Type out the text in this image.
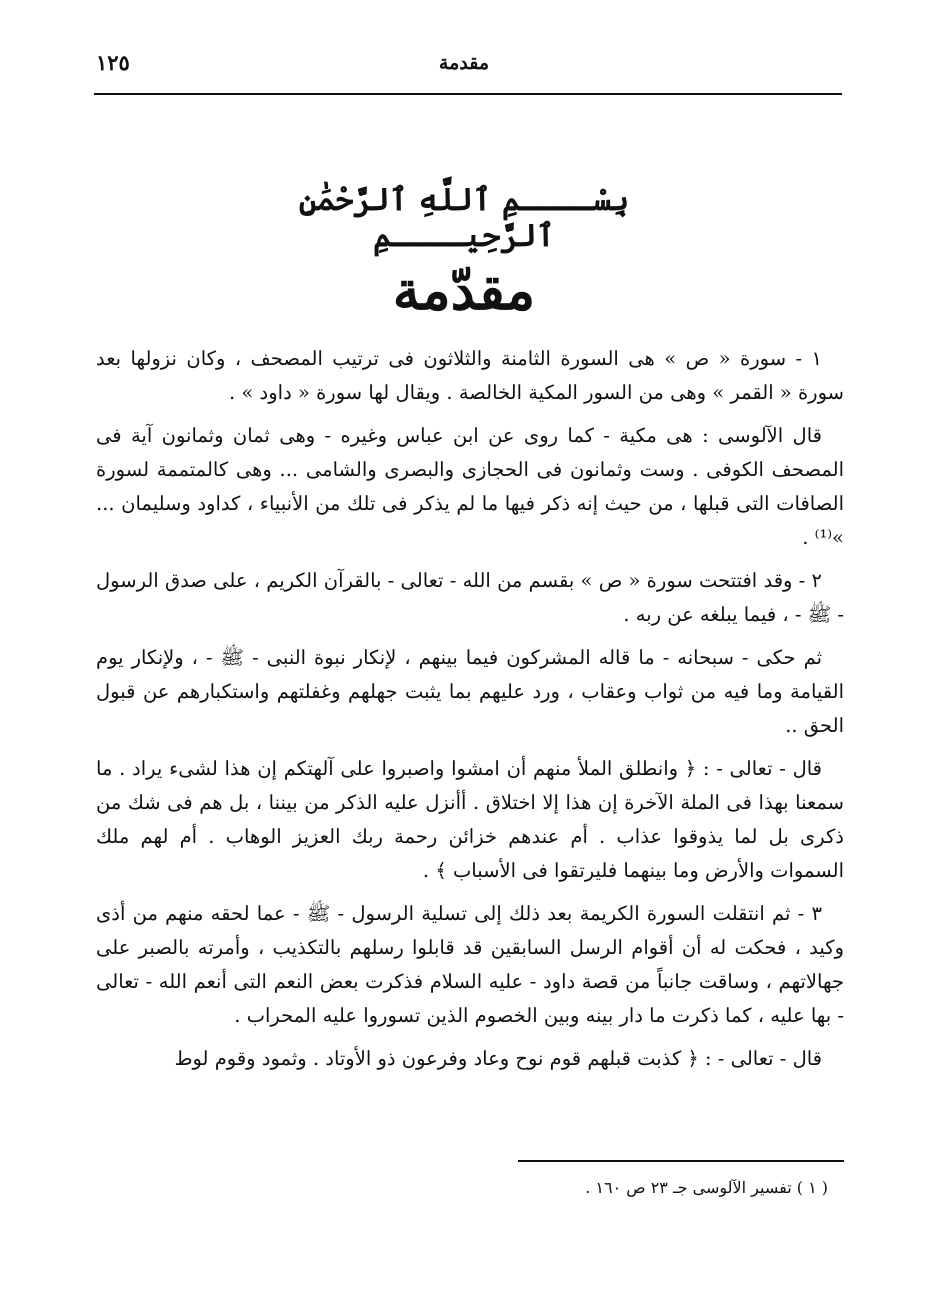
١٢٥	مقدمة
بِسْــــمِ ٱللَّهِ ٱلرَّحْمَٰنِ ٱلرَّحِيــــمِ
مقدّمة

١ - سورة « ص » هى السورة الثامنة والثلاثون فى ترتيب المصحف ، وكان نزولها بعد سورة « القمر » وهى من السور المكية الخالصة . ويقال لها سورة « داود » .

قال الآلوسى : هى مكية - كما روى عن ابن عباس وغيره - وهى ثمان وثمانون آية فى المصحف الكوفى . وست وثمانون فى الحجازى والبصرى والشامى ... وهى كالمتممة لسورة الصافات التى قبلها ، من حيث إنه ذكر فيها ما لم يذكر فى تلك من الأنبياء ، كداود وسليمان ... »⁽¹⁾ .

٢ - وقد افتتحت سورة « ص » بقسم من الله - تعالى - بالقرآن الكريم ، على صدق الرسول - ﷺ - ، فيما يبلغه عن ربه .

ثم حكى - سبحانه - ما قاله المشركون فيما بينهم ، لإنكار نبوة النبى - ﷺ - ، ولإنكار يوم القيامة وما فيه من ثواب وعقاب ، ورد عليهم بما يثبت جهلهم وغفلتهم واستكبارهم عن قبول الحق ..

قال - تعالى - : ﴿ وانطلق الملأ منهم أن امشوا واصبروا على آلهتكم إن هذا لشىء يراد . ما سمعنا بهذا فى الملة الآخرة إن هذا إلا اختلاق . أأنزل عليه الذكر من بيننا ، بل هم فى شك من ذكرى بل لما يذوقوا عذاب . أم عندهم خزائن رحمة ربك العزيز الوهاب . أم لهم ملك السموات والأرض وما بينهما فليرتقوا فى الأسباب ﴾ .

٣ - ثم انتقلت السورة الكريمة بعد ذلك إلى تسلية الرسول - ﷺ - عما لحقه منهم من أذى وكيد ، فحكت له أن أقوام الرسل السابقين قد قابلوا رسلهم بالتكذيب ، وأمرته بالصبر على جهالاتهم ، وساقت جانباً من قصة داود - عليه السلام فذكرت بعض النعم التى أنعم الله - تعالى - بها عليه ، كما ذكرت ما دار بينه وبين الخصوم الذين تسوروا عليه المحراب .

قال - تعالى - : ﴿ كذبت قبلهم قوم نوح وعاد وفرعون ذو الأوتاد . وثمود وقوم لوط

( ١ ) تفسير الآلوسى جـ ٢٣ ص ١٦٠ .
